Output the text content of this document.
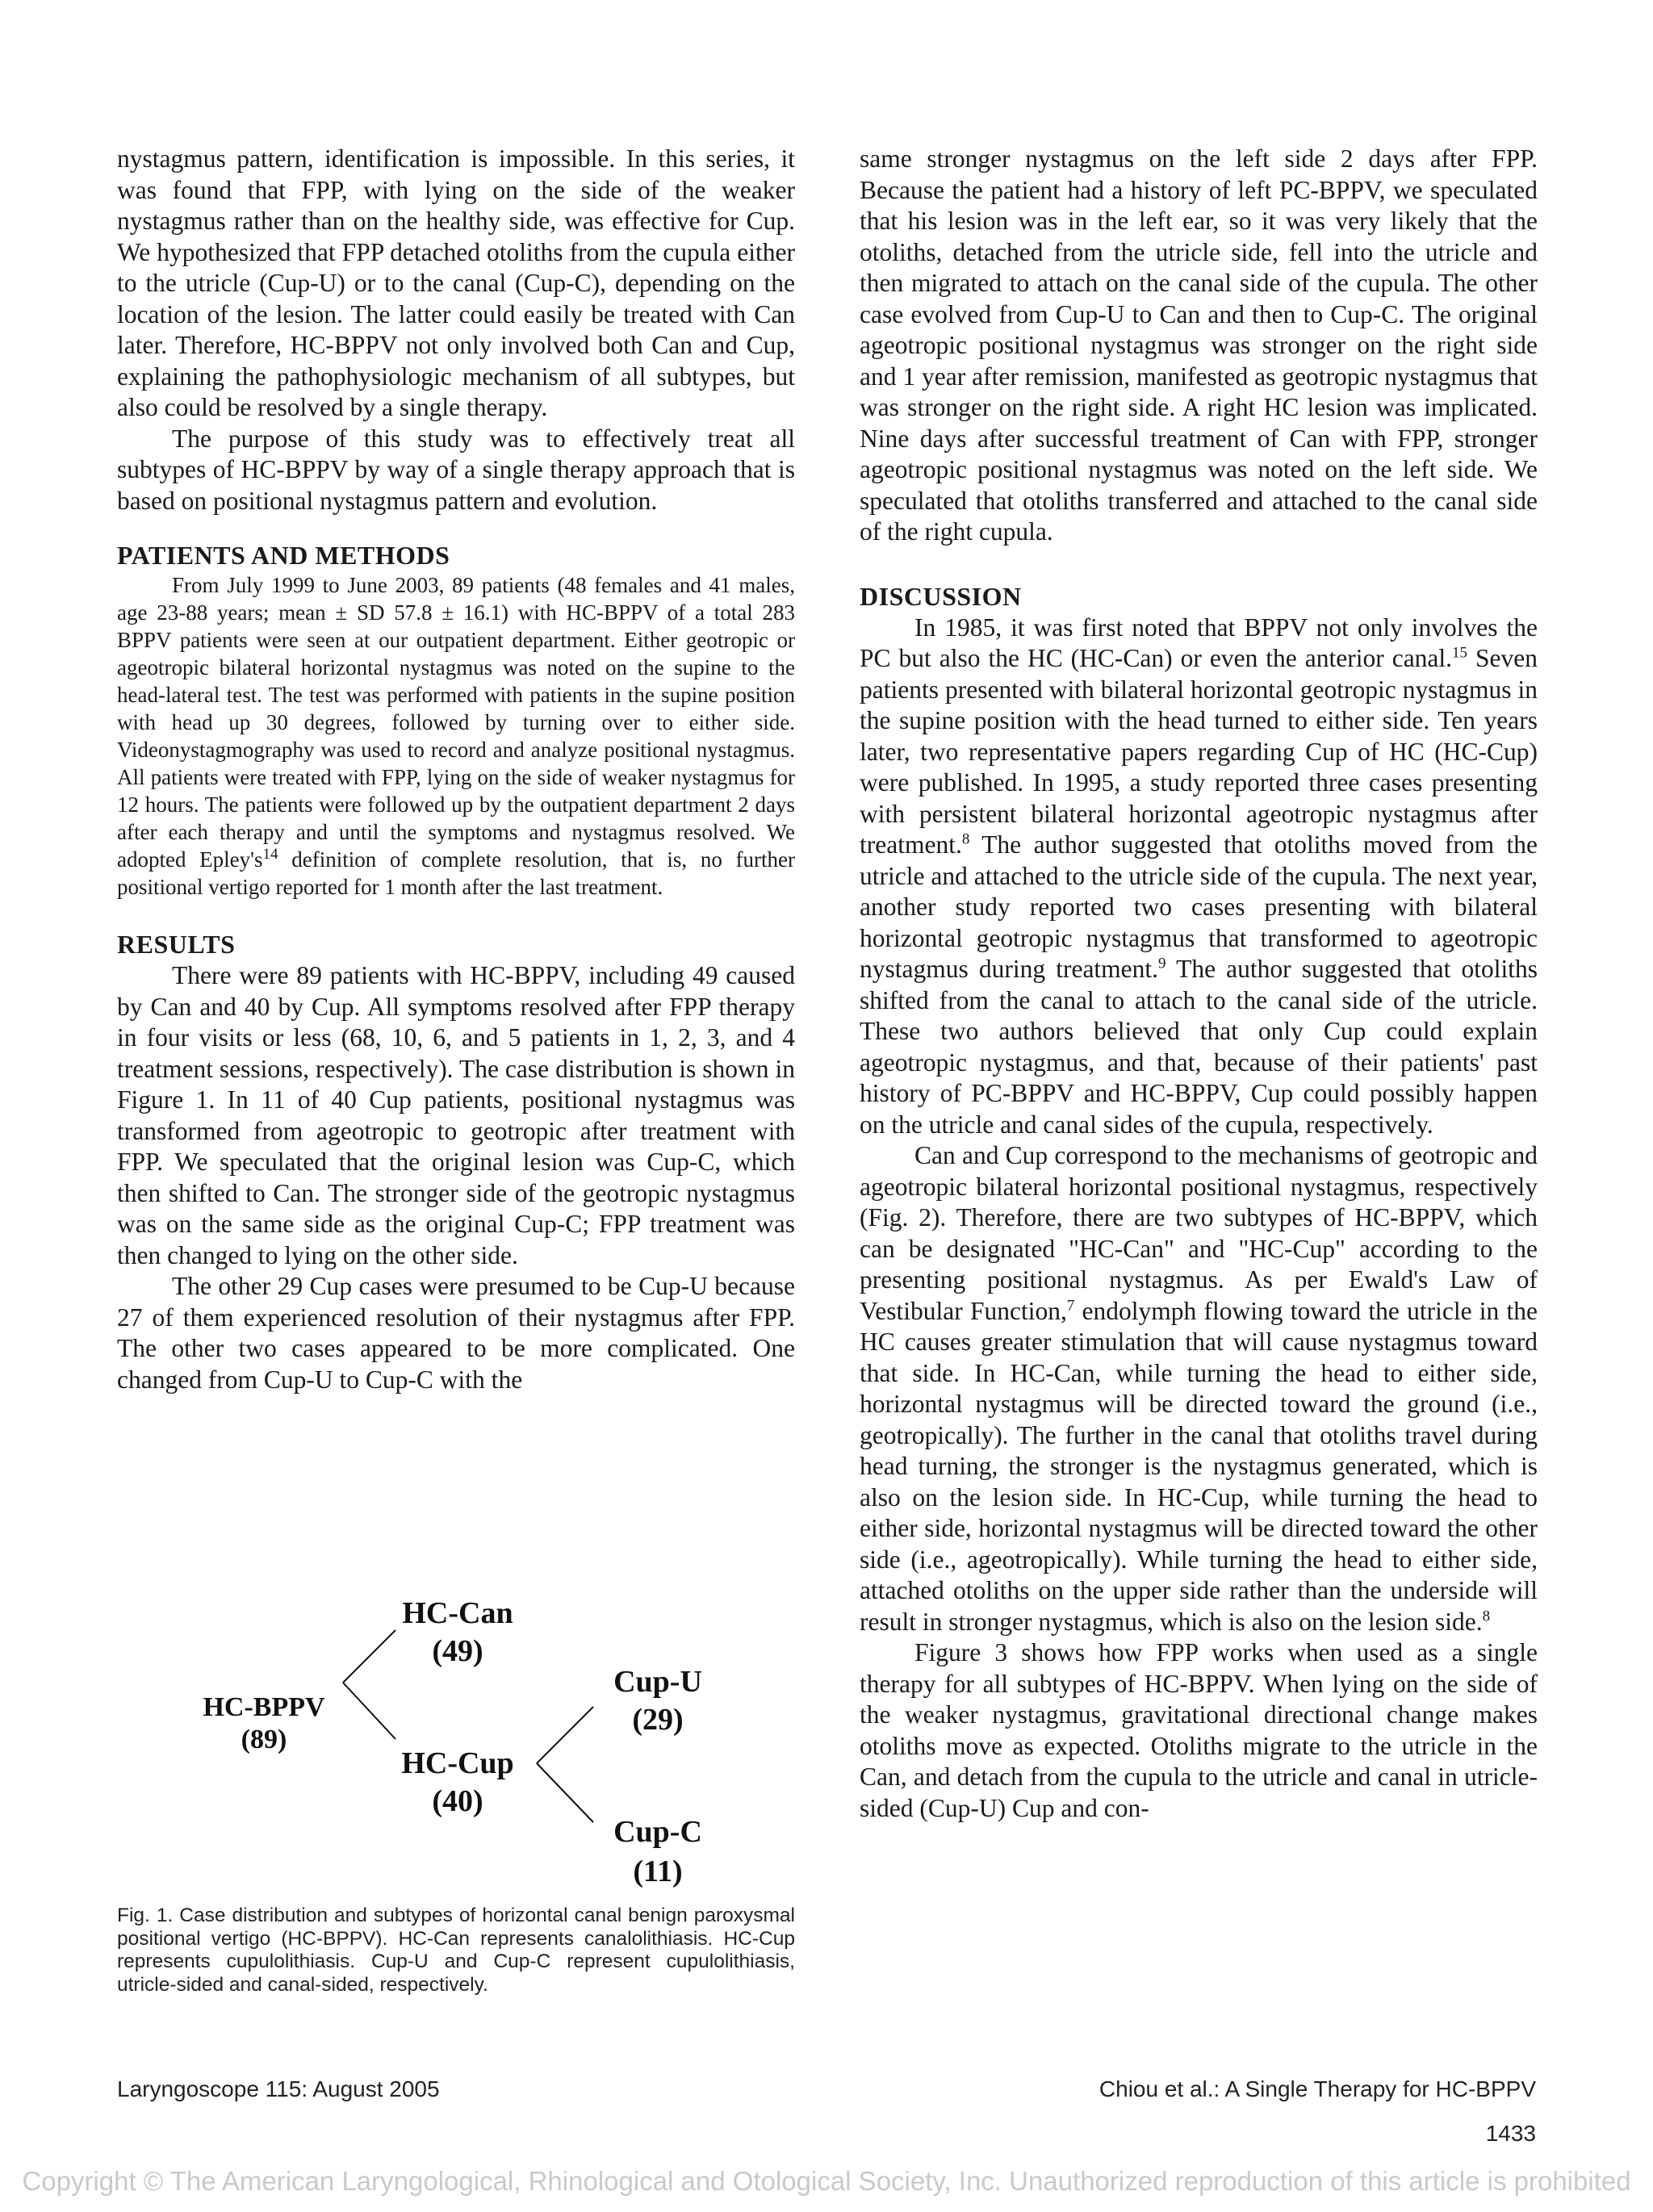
nystagmus pattern, identification is impossible. In this series, it was found that FPP, with lying on the side of the weaker nystagmus rather than on the healthy side, was effective for Cup. We hypothesized that FPP detached otoliths from the cupula either to the utricle (Cup-U) or to the canal (Cup-C), depending on the location of the lesion. The latter could easily be treated with Can later. Therefore, HC-BPPV not only involved both Can and Cup, explaining the pathophysiologic mechanism of all subtypes, but also could be resolved by a single therapy.

The purpose of this study was to effectively treat all subtypes of HC-BPPV by way of a single therapy approach that is based on positional nystagmus pattern and evolution.

PATIENTS AND METHODS

From July 1999 to June 2003, 89 patients (48 females and 41 males, age 23-88 years; mean ± SD 57.8 ± 16.1) with HC-BPPV of a total 283 BPPV patients were seen at our outpatient department. Either geotropic or ageotropic bilateral horizontal nystagmus was noted on the supine to the head-lateral test. The test was performed with patients in the supine position with head up 30 degrees, followed by turning over to either side. Videonystagmography was used to record and analyze positional nystagmus. All patients were treated with FPP, lying on the side of weaker nystagmus for 12 hours. The patients were followed up by the outpatient department 2 days after each therapy and until the symptoms and nystagmus resolved. We adopted $Epley's^{14}$ definition of complete resolution, that is, no further positional vertigo reported for 1 month after the last treatment.

RESULTS

There were 89 patients with HC-BPPV, including 49 caused by Can and 40 by Cup. All symptoms resolved after FPP therapy in four visits or less (68, 10, 6, and 5 patients in 1, 2, 3, and 4 treatment sessions, respectively). The case distribution is shown in Figure 1. In 11 of 40 Cup patients, positional nystagmus was transformed from ageotropic to geotropic after treatment with FPP. We speculated that the original lesion was Cup-C, which then shifted to Can. The stronger side of the geotropic nystagmus was on the same side as the original Cup-C; FPP treatment was then changed to lying on the other side.

The other 29 Cup cases were presumed to be Cup-U because 27 of them experienced resolution of their nystagmus after FPP. The other two cases appeared to be more complicated. One changed from Cup-U to Cup-C with the

HC-BPPV
(89)
HC-Can
(49)
HC-Cup
(40)
Cup-U
(29)
Cup-C
(11)

Fig. 1. Case distribution and subtypes of horizontal canal benign paroxysmal positional vertigo (HC-BPPV). HC-Can represents canalolithiasis. HC-Cup represents cupulolithiasis. Cup-U and Cup-C represent cupulolithiasis, utricle-sided and canal-sided, respectively.

same stronger nystagmus on the left side 2 days after FPP. Because the patient had a history of left PC-BPPV, we speculated that his lesion was in the left ear, so it was very likely that the otoliths, detached from the utricle side, fell into the utricle and then migrated to attach on the canal side of the cupula. The other case evolved from Cup-U to Can and then to Cup-C. The original ageotropic positional nystagmus was stronger on the right side and 1 year after remission, manifested as geotropic nystagmus that was stronger on the right side. A right HC lesion was implicated. Nine days after successful treatment of Can with FPP, stronger ageotropic positional nystagmus was noted on the left side. We speculated that otoliths transferred and attached to the canal side of the right cupula.

DISCUSSION

In 1985, it was first noted that BPPV not only involves the PC but also the HC (HC-Can) or even the anterior canal.$^{15}$ Seven patients presented with bilateral horizontal geotropic nystagmus in the supine position with the head turned to either side. Ten years later, two representative papers regarding Cup of HC (HC-Cup) were published. In 1995, a study reported three cases presenting with persistent bilateral horizontal ageotropic nystagmus after treatment.$^8$ The author suggested that otoliths moved from the utricle and attached to the utricle side of the cupula. The next year, another study reported two cases presenting with bilateral horizontal geotropic nystagmus that transformed to ageotropic nystagmus during treatment.$^9$ The author suggested that otoliths shifted from the canal to attach to the canal side of the utricle. These two authors believed that only Cup could explain ageotropic nystagmus, and that, because of their patients' past history of PC-BPPV and HC-BPPV, Cup could possibly happen on the utricle and canal sides of the cupula, respectively.

Can and Cup correspond to the mechanisms of geotropic and ageotropic bilateral horizontal positional nystagmus, respectively (Fig. 2). Therefore, there are two subtypes of HC-BPPV, which can be designated "HC-Can" and "HC-Cup" according to the presenting positional nystagmus. As per Ewald's Law of Vestibular Function,$^7$ endolymph flowing toward the utricle in the HC causes greater stimulation that will cause nystagmus toward that side. In HC-Can, while turning the head to either side, horizontal nystagmus will be directed toward the ground (i.e., geotropically). The further in the canal that otoliths travel during head turning, the stronger is the nystagmus generated, which is also on the lesion side. In HC-Cup, while turning the head to either side, horizontal nystagmus will be directed toward the other side (i.e., ageotropically). While turning the head to either side, attached otoliths on the upper side rather than the underside will result in stronger nystagmus, which is also on the lesion side.$^8$

Figure 3 shows how FPP works when used as a single therapy for all subtypes of HC-BPPV. When lying on the side of the weaker nystagmus, gravitational directional change makes otoliths move as expected. Otoliths migrate to the utricle in the Can, and detach from the cupula to the utricle and canal in utricle-sided (Cup-U) Cup and con-

Laryngoscope 115: August 2005	Chiou et al.: A Single Therapy for HC-BPPV
1433
Copyright © The American Laryngological, Rhinological and Otological Society, Inc. Unauthorized reproduction of this article is prohibited
